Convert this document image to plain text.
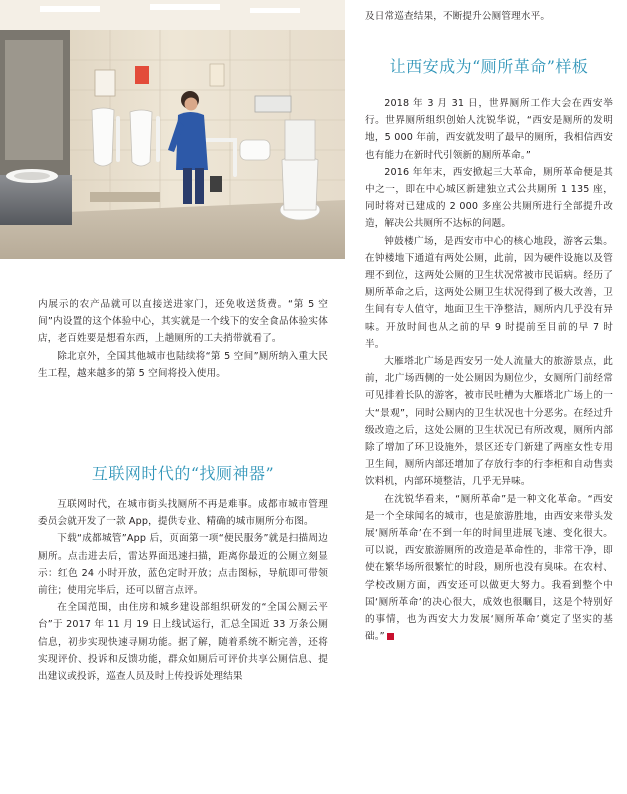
内展示的农产品就可以直接送进家门，还免收送货费。“第 5 空间”内设置的这个体验中心，其实就是一个线下的安全食品体验实体店，老百姓要是想看东西，上趟厕所的工夫捎带就看了。

除北京外，全国其他城市也陆续将“第 5 空间”厕所纳入重大民生工程，越来越多的第 5 空间将投入使用。

互联网时代的“找厕神器”

互联网时代，在城市街头找厕所不再是难事。成都市城市管理委员会就开发了一款 App，提供专业、精确的城市厕所分布图。

下载“成都城管”App 后，页面第一项“便民服务”就是扫描周边厕所。点击进去后，雷达界面迅速扫描，距离你最近的公厕立刻显示：红色 24 小时开放，蓝色定时开放；点击图标，导航即可带领前往；使用完毕后，还可以留言点评。

在全国范围，由住房和城乡建设部组织研发的“全国公厕云平台”于 2017 年 11 月 19 日上线试运行，汇总全国近 33 万条公厕信息，初步实现快速寻厕功能。据了解，随着系统不断完善，还将实现评价、投诉和反馈功能，群众如厕后可评价共享公厕信息、提出建议或投诉，巡查人员及时上传投诉处理结果

及日常巡查结果，不断提升公厕管理水平。

让西安成为“厕所革命”样板

2018 年 3 月 31 日，世界厕所工作大会在西安举行。世界厕所组织创始人沈锐华说，“西安是厕所的发明地，5 000 年前，西安就发明了最早的厕所，我相信西安也有能力在新时代引领新的厕所革命。”

2016 年年末，西安掀起三大革命，厕所革命便是其中之一，即在中心城区新建独立式公共厕所 1 135 座，同时将对已建成的 2 000 多座公共厕所进行全部提升改造，解决公共厕所不达标的问题。

钟鼓楼广场，是西安市中心的核心地段，游客云集。在钟楼地下通道有两处公厕，此前，因为硬件设施以及管理不到位，这两处公厕的卫生状况常被市民诟病。经历了厕所革命之后，这两处公厕卫生状况得到了极大改善，卫生间有专人值守，地面卫生干净整洁，厕所内几乎没有异味。开放时间也从之前的早 9 时提前至目前的早 7 时半。

大雁塔北广场是西安另一处人流量大的旅游景点，此前，北广场西侧的一处公厕因为厕位少，女厕所门前经常可见排着长队的游客，被市民吐槽为大雁塔北广场上的一大“景观”，同时公厕内的卫生状况也十分恶劣。在经过升级改造之后，这处公厕的卫生状况已有所改观，厕所内部除了增加了环卫设施外，景区还专门新建了两座女性专用卫生间，厕所内部还增加了存放行李的行李柜和自动售卖饮料机，内部环境整洁，几乎无异味。

在沈锐华看来，“厕所革命”是一种文化革命。“西安是一个全球闻名的城市，也是旅游胜地，由西安来带头发展‘厕所革命’在不到一年的时间里进展飞速、变化很大。可以说，西安旅游厕所的改造是革命性的，非常干净，即使在繁华场所很繁忙的时段，厕所也没有臭味。在农村、学校改厕方面，西安还可以做更大努力。我看到整个中国‘厕所革命’的决心很大，成效也很瞩目，这是个特别好的事情，也为西安大力发展‘厕所革命’奠定了坚实的基础。”
